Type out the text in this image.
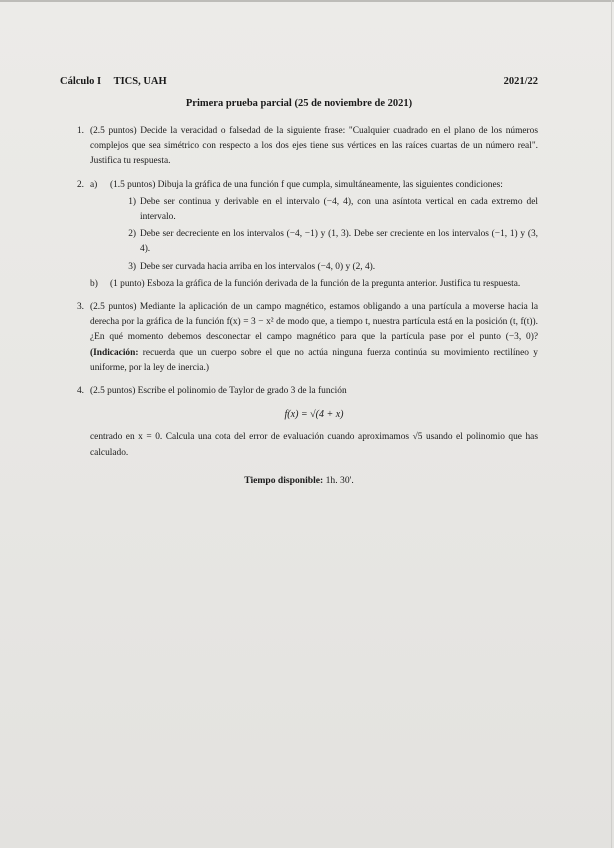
Cálculo I TICS, UAH	2021/22
Primera prueba parcial (25 de noviembre de 2021)
1. (2.5 puntos) Decide la veracidad o falsedad de la siguiente frase: "Cualquier cuadrado en el plano de los números complejos que sea simétrico con respecto a los dos ejes tiene sus vértices en las raíces cuartas de un número real". Justifica tu respuesta.
2. a)	(1.5 puntos) Dibuja la gráfica de una función f que cumpla, simultáneamente, las siguientes condiciones:
1) Debe ser continua y derivable en el intervalo (−4, 4), con una asíntota vertical en cada extremo del intervalo.
2) Debe ser decreciente en los intervalos (−4, −1) y (1, 3). Debe ser creciente en los intervalos (−1, 1) y (3, 4).
3) Debe ser curvada hacia arriba en los intervalos (−4, 0) y (2, 4).
b)	(1 punto) Esboza la gráfica de la función derivada de la función de la pregunta anterior. Justifica tu respuesta.
3. (2.5 puntos) Mediante la aplicación de un campo magnético, estamos obligando a una partícula a moverse hacia la derecha por la gráfica de la función f(x) = 3 − x² de modo que, a tiempo t, nuestra partícula está en la posición (t, f(t)). ¿En qué momento debemos desconectar el campo magnético para que la partícula pase por el punto (−3, 0)? (Indicación: recuerda que un cuerpo sobre el que no actúa ninguna fuerza continúa su movimiento rectilíneo y uniforme, por la ley de inercia.)
4. (2.5 puntos) Escribe el polinomio de Taylor de grado 3 de la función
f(x) = √(4 + x)
centrado en x = 0. Calcula una cota del error de evaluación cuando aproximamos √5 usando el polinomio que has calculado.
Tiempo disponible: 1h. 30'.
